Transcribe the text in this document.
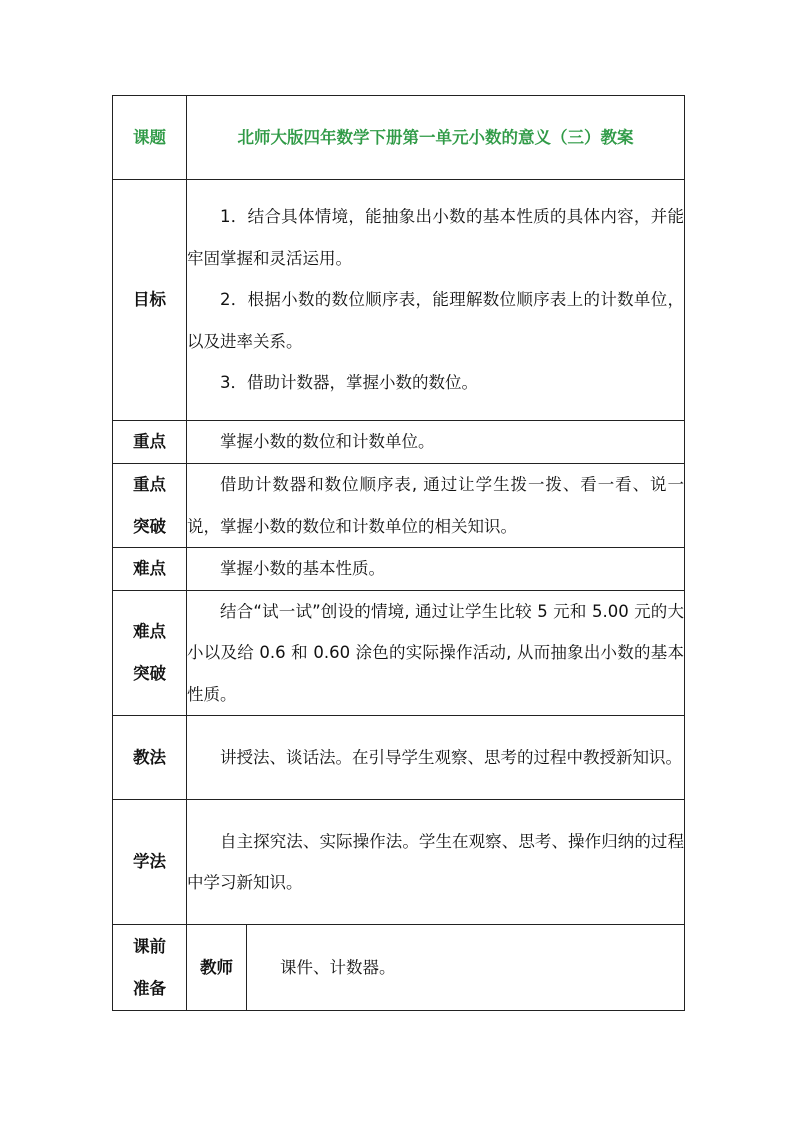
课题	北师大版四年数学下册第一单元小数的意义（三）教案	
目标	1．结合具体情境，能抽象出小数的基本性质的具体内容，并能牢固掌握和灵活运用。

2．根据小数的数位顺序表，能理解数位顺序表上的计数单位，以及进率关系。

3．借助计数器，掌握小数的数位。	

重点	掌握小数的数位和计数单位。	

重点
突破	借助计数器和数位顺序表, 通过让学生拨一拨、看一看、说一说，掌握小数的数位和计数单位的相关知识。	

难点	掌握小数的基本性质。	

难点
突破	结合“试一试”创设的情境, 通过让学生比较 5 元和 5.00 元的大小以及给 0.6 和 0.60 涂色的实际操作活动, 从而抽象出小数的基本性质。	

教法	讲授法、谈话法。在引导学生观察、思考的过程中教授新知识。	

学法	自主探究法、实际操作法。学生在观察、思考、操作归纳的过程中学习新知识。	

课前
准备	教师	课件、计数器。
